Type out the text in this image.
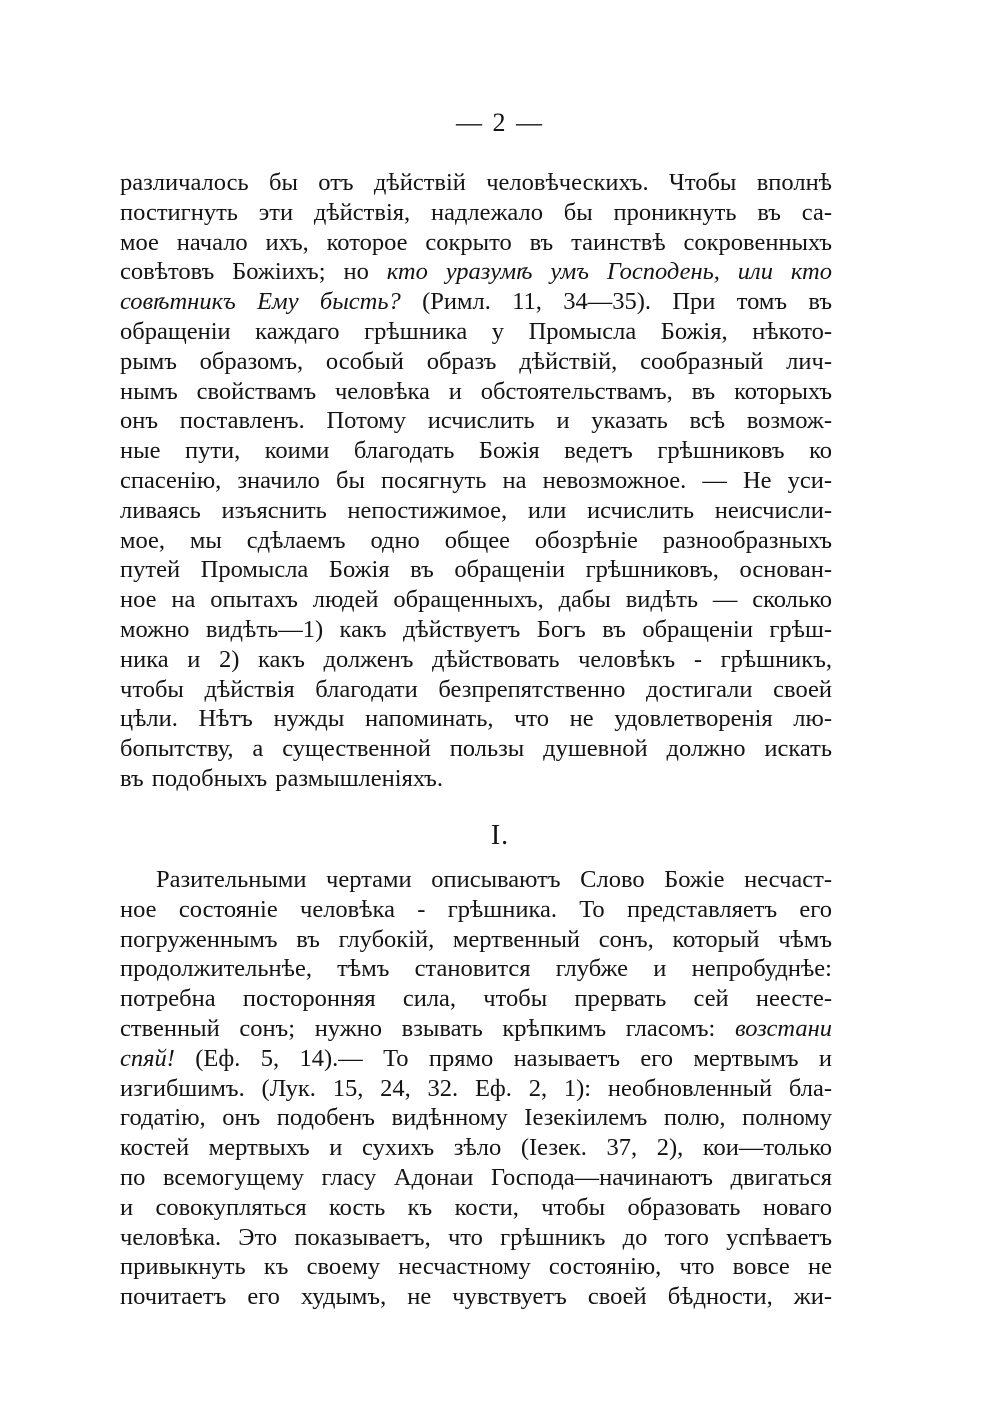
— 2 —
различалось бы отъ дѣйствій человѣческихъ. Чтобы вполнѣ
постигнуть эти дѣйствія, надлежало бы проникнуть въ са-
мое начало ихъ, которое сокрыто въ таинствѣ сокровенныхъ
совѣтовъ Божіихъ; но кто уразумѣ умъ Господень, или кто
совѣтникъ Ему бысть? (Римл. 11, 34—35). При томъ въ
обращеніи каждаго грѣшника у Промысла Божія, нѣкото-
рымъ образомъ, особый образъ дѣйствій, сообразный лич-
нымъ свойствамъ человѣка и обстоятельствамъ, въ которыхъ
онъ поставленъ. Потому исчислить и указать всѣ возмож-
ные пути, коими благодать Божія ведетъ грѣшниковъ ко
спасенію, значило бы посягнуть на невозможное. — Не уси-
ливаясь изъяснить непостижимое, или исчислить неисчисли-
мое, мы сдѣлаемъ одно общее обозрѣніе разнообразныхъ
путей Промысла Божія въ обращеніи грѣшниковъ, основан-
ное на опытахъ людей обращенныхъ, дабы видѣть — сколько
можно видѣть—1) какъ дѣйствуетъ Богъ въ обращеніи грѣш-
ника и 2) какъ долженъ дѣйствовать человѣкъ - грѣшникъ,
чтобы дѣйствія благодати безпрепятственно достигали своей
цѣли. Нѣтъ нужды напоминать, что не удовлетворенія лю-
бопытству, а существенной пользы душевной должно искать
въ подобныхъ размышленіяхъ.
I.
Разительными чертами описываютъ Слово Божіе несчаст-
ное состояніе человѣка - грѣшника. То представляетъ его
погруженнымъ въ глубокій, мертвенный сонъ, который чѣмъ
продолжительнѣе, тѣмъ становится глубже и непробуднѣе:
потребна посторонняя сила, чтобы прервать сей неесте-
ственный сонъ; нужно взывать крѣпкимъ гласомъ: возстани
спяй! (Еф. 5, 14).— То прямо называетъ его мертвымъ и
изгибшимъ. (Лук. 15, 24, 32. Еф. 2, 1): необновленный бла-
годатію, онъ подобенъ видѣнному Іезекіилемъ полю, полному
костей мертвыхъ и сухихъ зѣло (Іезек. 37, 2), кои—только
по всемогущему гласу Адонаи Господа—начинаютъ двигаться
и совокупляться кость къ кости, чтобы образовать новаго
человѣка. Это показываетъ, что грѣшникъ до того успѣваетъ
привыкнуть къ своему несчастному состоянію, что вовсе не
почитаетъ его худымъ, не чувствуетъ своей бѣдности, жи-
